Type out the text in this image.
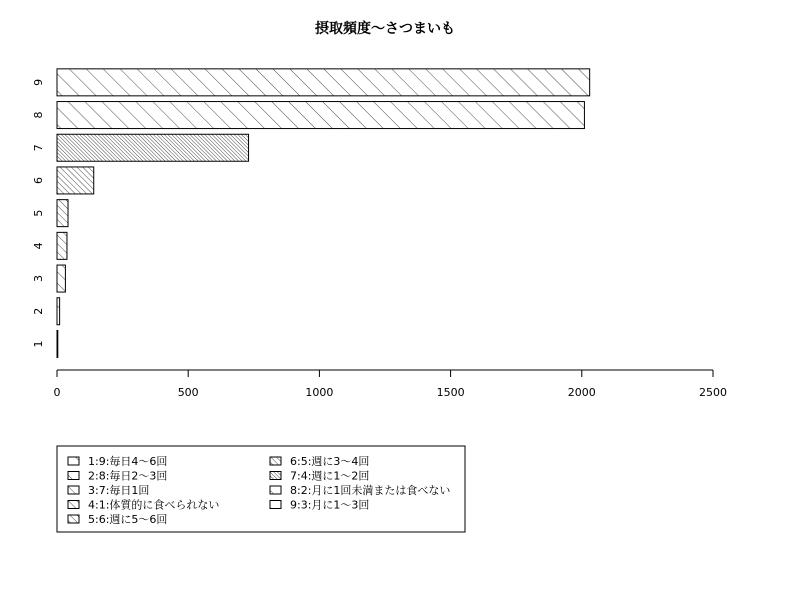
摂取頻度〜さつまいも
1
2
3
4
5
6
7
8
9
0	500	1000	1500	2000	2500
1:9:毎日4〜6回
2:8:毎日2〜3回
3:7:毎日1回
4:1:体質的に食べられない
5:6:週に5〜6回
6:5:週に3〜4回
7:4:週に1〜2回
8:2:月に1回未満または食べない
9:3:月に1〜3回
